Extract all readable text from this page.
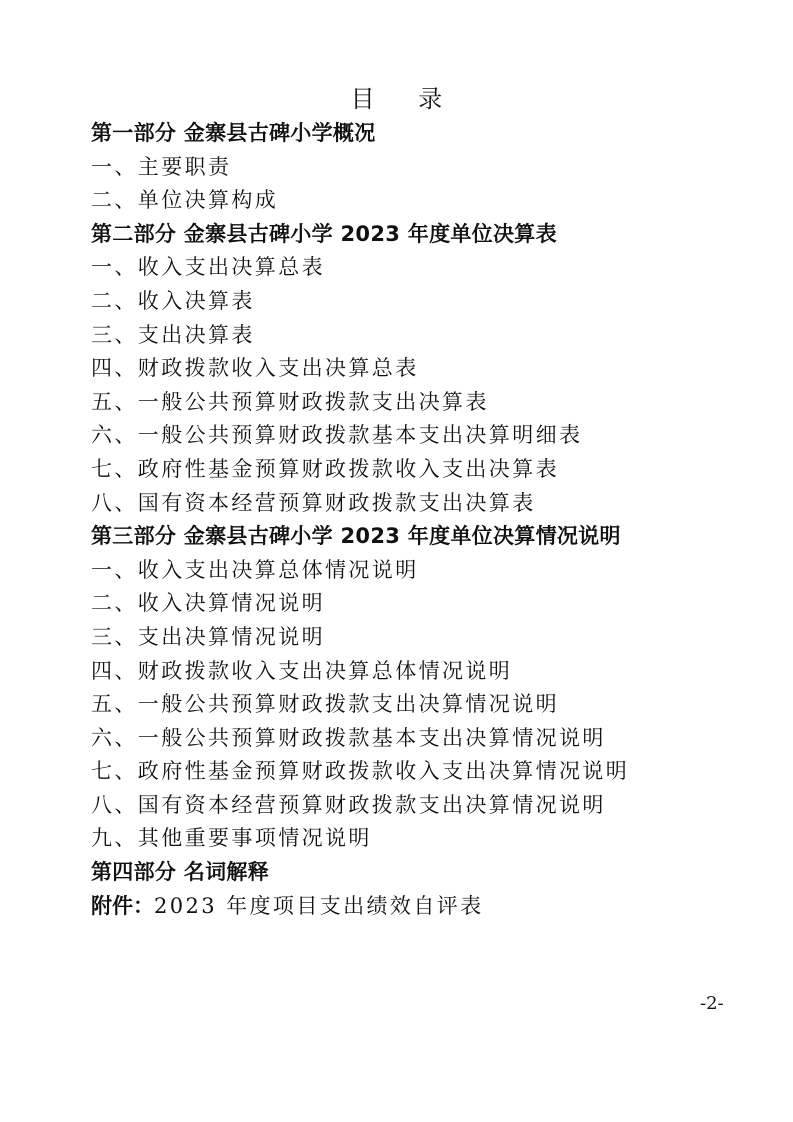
目 录
第一部分 金寨县古碑小学概况
一、主要职责
二、单位决算构成
第二部分 金寨县古碑小学 2023 年度单位决算表
一、收入支出决算总表
二、收入决算表
三、支出决算表
四、财政拨款收入支出决算总表
五、一般公共预算财政拨款支出决算表
六、一般公共预算财政拨款基本支出决算明细表
七、政府性基金预算财政拨款收入支出决算表
八、国有资本经营预算财政拨款支出决算表
第三部分 金寨县古碑小学 2023 年度单位决算情况说明
一、收入支出决算总体情况说明
二、收入决算情况说明
三、支出决算情况说明
四、财政拨款收入支出决算总体情况说明
五、一般公共预算财政拨款支出决算情况说明
六、一般公共预算财政拨款基本支出决算情况说明
七、政府性基金预算财政拨款收入支出决算情况说明
八、国有资本经营预算财政拨款支出决算情况说明
九、其他重要事项情况说明
第四部分 名词解释
附件：2023 年度项目支出绩效自评表
-2-
